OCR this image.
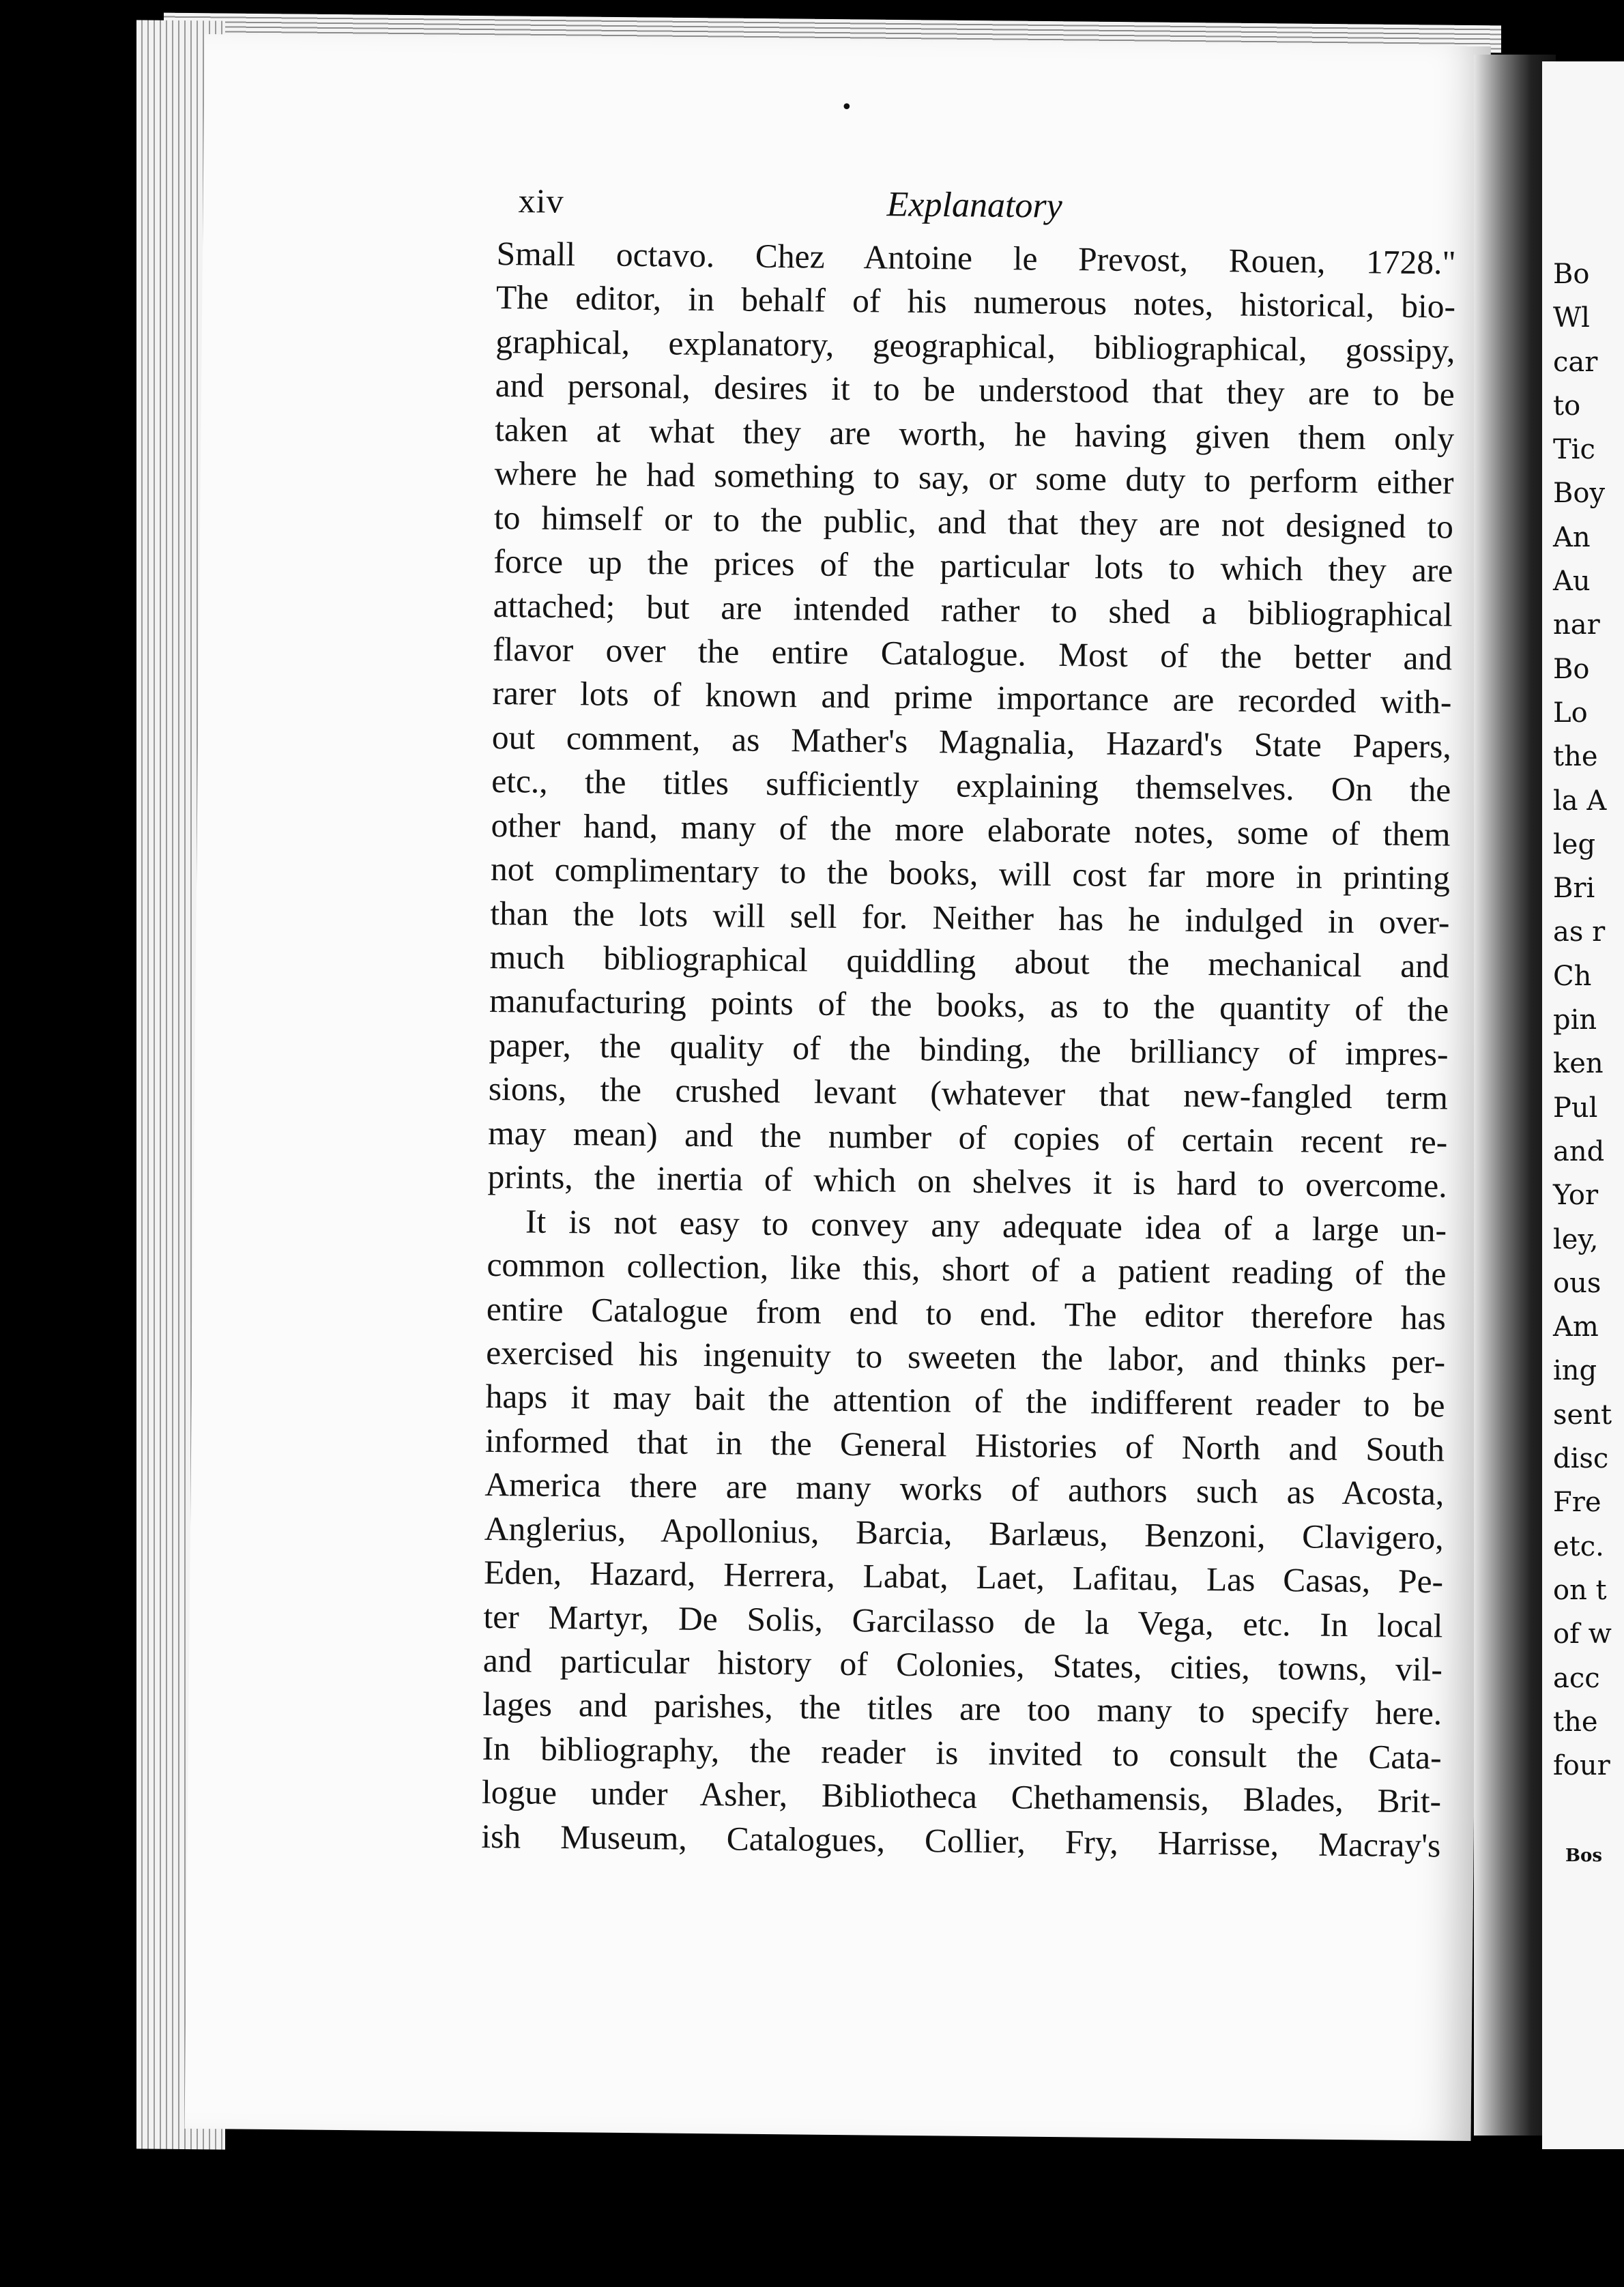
•
xiv	Explanatory
Small octavo. Chez Antoine le Prevost, Rouen, 1728."
The editor, in behalf of his numerous notes, historical, bio-
graphical, explanatory, geographical, bibliographical, gossipy,
and personal, desires it to be understood that they are to be
taken at what they are worth, he having given them only
where he had something to say, or some duty to perform either
to himself or to the public, and that they are not designed to
force up the prices of the particular lots to which they are
attached; but are intended rather to shed a bibliographical
flavor over the entire Catalogue. Most of the better and
rarer lots of known and prime importance are recorded with-
out comment, as Mather's Magnalia, Hazard's State Papers,
etc., the titles sufficiently explaining themselves. On the
other hand, many of the more elaborate notes, some of them
not complimentary to the books, will cost far more in printing
than the lots will sell for. Neither has he indulged in over-
much bibliographical quiddling about the mechanical and
manufacturing points of the books, as to the quantity of the
paper, the quality of the binding, the brilliancy of impres-
sions, the crushed levant (whatever that new-fangled term
may mean) and the number of copies of certain recent re-
prints, the inertia of which on shelves it is hard to overcome.
It is not easy to convey any adequate idea of a large un-
common collection, like this, short of a patient reading of the
entire Catalogue from end to end. The editor therefore has
exercised his ingenuity to sweeten the labor, and thinks per-
haps it may bait the attention of the indifferent reader to be
informed that in the General Histories of North and South
America there are many works of authors such as Acosta,
Anglerius, Apollonius, Barcia, Barlæus, Benzoni, Clavigero,
Eden, Hazard, Herrera, Labat, Laet, Lafitau, Las Casas, Pe-
ter Martyr, De Solis, Garcilasso de la Vega, etc. In local
and particular history of Colonies, States, cities, towns, vil-
lages and parishes, the titles are too many to specify here.
In bibliography, the reader is invited to consult the Cata-
logue under Asher, Bibliotheca Chethamensis, Blades, Brit-
ish Museum, Catalogues, Collier, Fry, Harrisse, Macray's
Bo
Wl
car
to
Tic
Boy
An
Au
nar
Bo
Lo
the
la A
leg
Bri
as r
Ch
pin
ken
Pul
and
Yor
ley,
ous
Am
ing
sent
disc
Fre
etc.
on t
of w
acc
the
four
Bos
